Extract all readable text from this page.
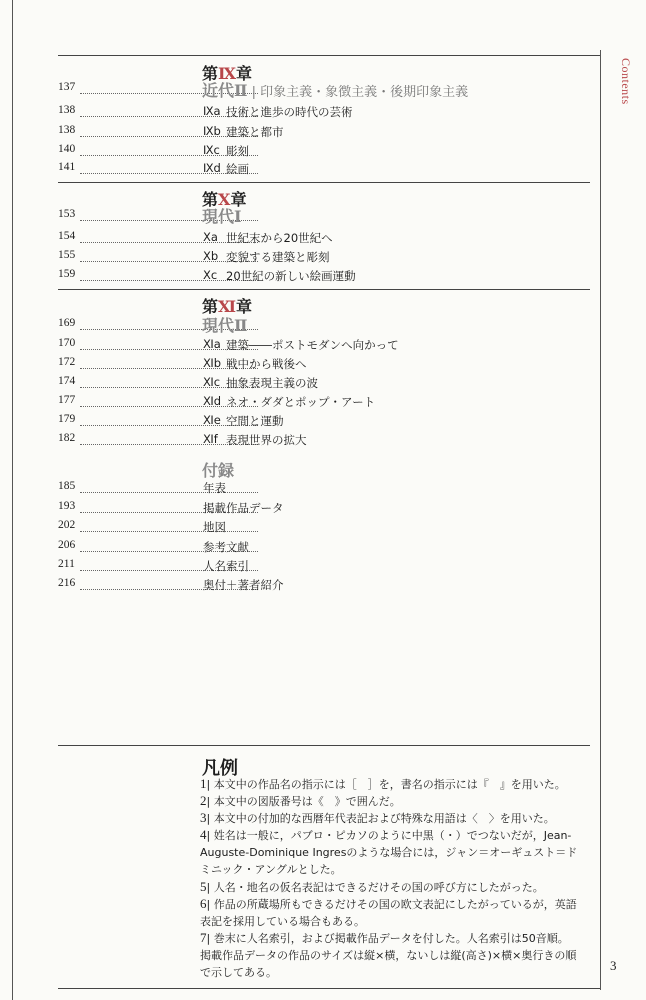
Contents
第Ⅸ章
137	近代Ⅱ | 印象主義・象徴主義・後期印象主義
138	Ⅸa 技術と進歩の時代の芸術
138	Ⅸb 建築と都市
140	Ⅸc 彫刻
141	Ⅸd 絵画
第Ⅹ章
153	現代Ⅰ
154	Ⅹa 世紀末から20世紀へ
155	Ⅹb 変貌する建築と彫刻
159	Ⅹc 20世紀の新しい絵画運動
第Ⅺ章
169	現代Ⅱ
170	Ⅺa 建築――ポストモダンへ向かって
172	Ⅺb 戦中から戦後へ
174	Ⅺc 抽象表現主義の波
177	Ⅺd ネオ・ダダとポップ・アート
179	Ⅺe 空間と運動
182	Ⅺf 表現世界の拡大
付録
185	年表
193	掲載作品データ
202	地図
206	参考文献
211	人名索引
216	奥付＋著者紹介
凡例
1| 本文中の作品名の指示には［　］を，書名の指示には『　』を用いた。
2| 本文中の図版番号は《　》で囲んだ。
3| 本文中の付加的な西暦年代表記および特殊な用語は〈　〉を用いた。
4| 姓名は一般に，パブロ・ピカソのように中黒（・）でつないだが，Jean-Auguste-Dominique Ingresのような場合には，ジャン＝オーギュスト＝ドミニック・アングルとした。
5| 人名・地名の仮名表記はできるだけその国の呼び方にしたがった。
6| 作品の所蔵場所もできるだけその国の欧文表記にしたがっているが，英語表記を採用している場合もある。
7| 巻末に人名索引，および掲載作品データを付した。人名索引は50音順。掲載作品データの作品のサイズは縦×横，ないしは縦(高さ)×横×奥行きの順で示してある。	3
